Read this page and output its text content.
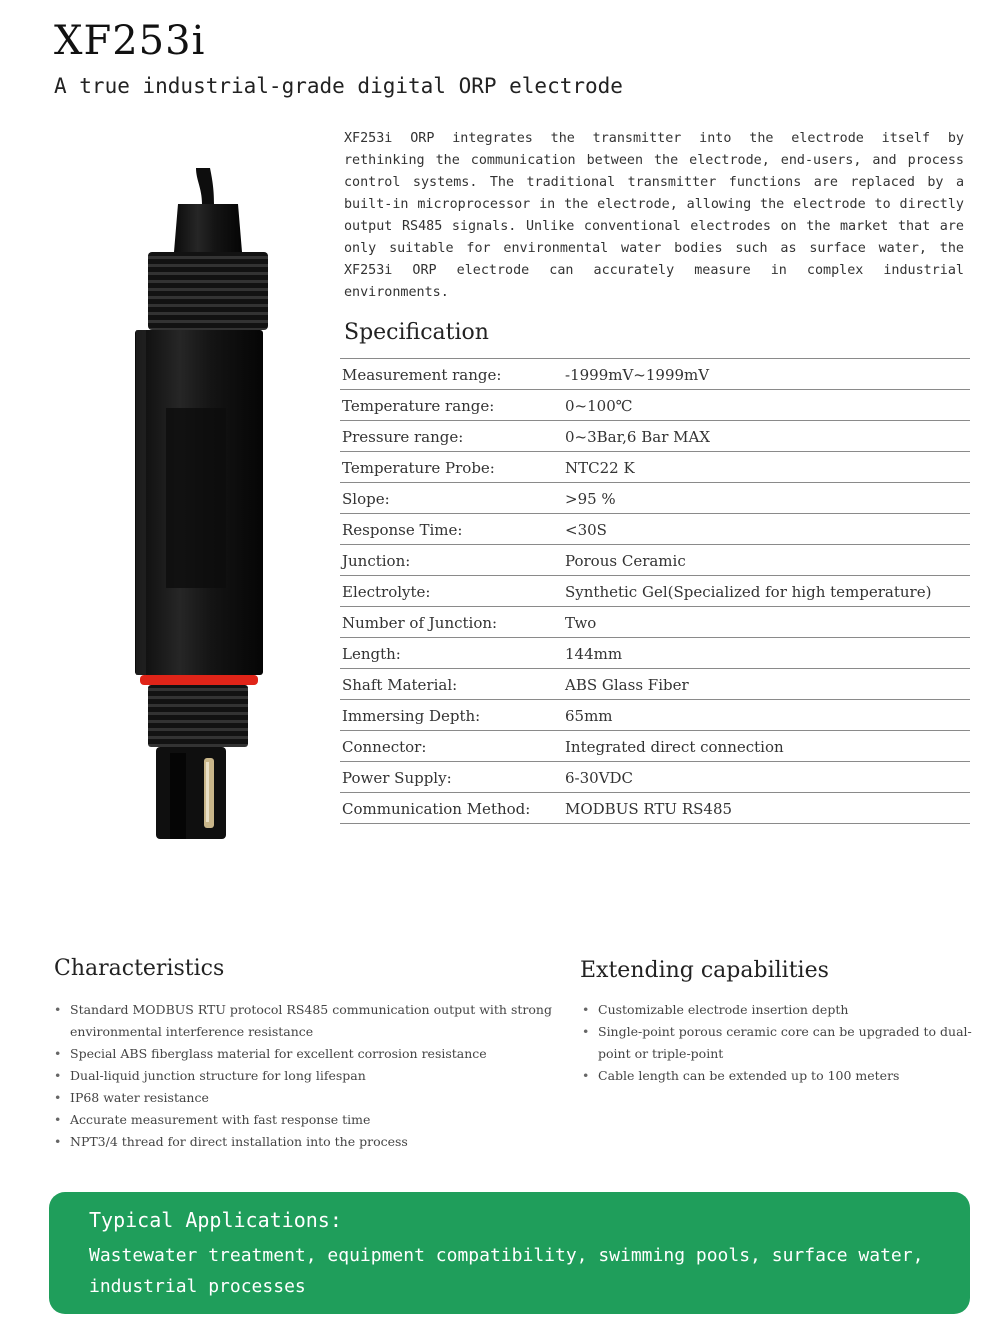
XF253i
A true industrial-grade digital ORP electrode

XF253i ORP integrates the transmitter into the electrode itself by rethinking the communication between the electrode, end-users, and process control systems. The traditional transmitter functions are replaced by a built-in microprocessor in the electrode, allowing the electrode to directly output RS485 signals. Unlike conventional electrodes on the market that are only suitable for environmental water bodies such as surface water, the XF253i ORP electrode can accurately measure in complex industrial environments.

Specification
Measurement range:	-1999mV~1999mV
Temperature range:	0~100℃
Pressure range:	0~3Bar,6 Bar MAX
Temperature Probe:	NTC22 K
Slope:	>95 %
Response Time:	<30S
Junction:	Porous Ceramic
Electrolyte:	Synthetic Gel(Specialized for high temperature)
Number of Junction:	Two
Length:	144mm
Shaft Material:	ABS Glass Fiber
Immersing Depth:	65mm
Connector:	Integrated direct connection
Power Supply:	6-30VDC
Communication Method: MODBUS RTU RS485
Characteristics
• Standard MODBUS RTU protocol RS485 communication output with strong environmental interference resistance
• Special ABS fiberglass material for excellent corrosion resistance
• Dual-liquid junction structure for long lifespan
• IP68 water resistance
• Accurate measurement with fast response time
• NPT3/4 thread for direct installation into the process
Extending capabilities
• Customizable electrode insertion depth
• Single-point porous ceramic core can be upgraded to dual-point or triple-point
• Cable length can be extended up to 100 meters
Typical Applications:
Wastewater treatment, equipment compatibility, swimming pools, surface water, industrial processes
